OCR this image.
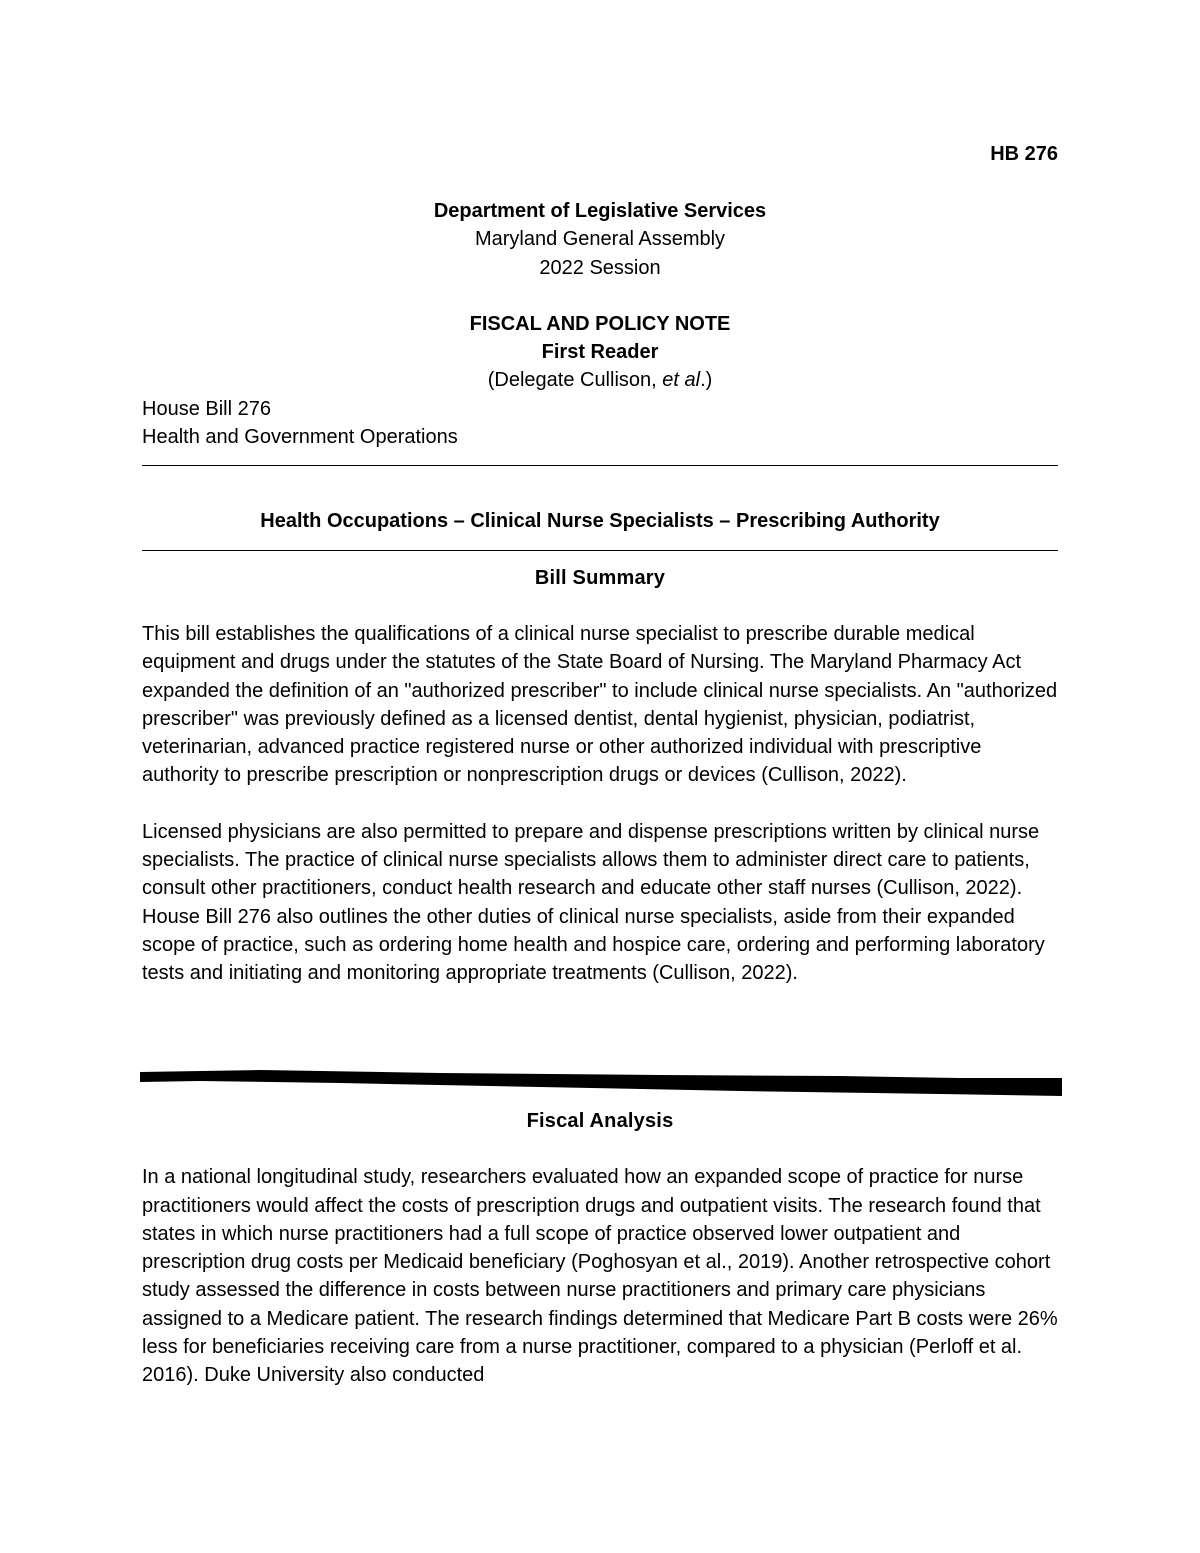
HB 276
Department of Legislative Services
Maryland General Assembly
2022 Session
FISCAL AND POLICY NOTE
First Reader
(Delegate Cullison, et al.)
House Bill 276
Health and Government Operations
Health Occupations – Clinical Nurse Specialists – Prescribing Authority
Bill Summary

This bill establishes the qualifications of a clinical nurse specialist to prescribe durable medical equipment and drugs under the statutes of the State Board of Nursing. The Maryland Pharmacy Act expanded the definition of an "authorized prescriber" to include clinical nurse specialists. An "authorized prescriber" was previously defined as a licensed dentist, dental hygienist, physician, podiatrist, veterinarian, advanced practice registered nurse or other authorized individual with prescriptive authority to prescribe prescription or nonprescription drugs or devices (Cullison, 2022).

Licensed physicians are also permitted to prepare and dispense prescriptions written by clinical nurse specialists. The practice of clinical nurse specialists allows them to administer direct care to patients, consult other practitioners, conduct health research and educate other staff nurses (Cullison, 2022). House Bill 276 also outlines the other duties of clinical nurse specialists, aside from their expanded scope of practice, such as ordering home health and hospice care, ordering and performing laboratory tests and initiating and monitoring appropriate treatments (Cullison, 2022).

Fiscal Analysis

In a national longitudinal study, researchers evaluated how an expanded scope of practice for nurse practitioners would affect the costs of prescription drugs and outpatient visits. The research found that states in which nurse practitioners had a full scope of practice observed lower outpatient and prescription drug costs per Medicaid beneficiary (Poghosyan et al., 2019). Another retrospective cohort study assessed the difference in costs between nurse practitioners and primary care physicians assigned to a Medicare patient. The research findings determined that Medicare Part B costs were 26% less for beneficiaries receiving care from a nurse practitioner, compared to a physician (Perloff et al. 2016). Duke University also conducted
